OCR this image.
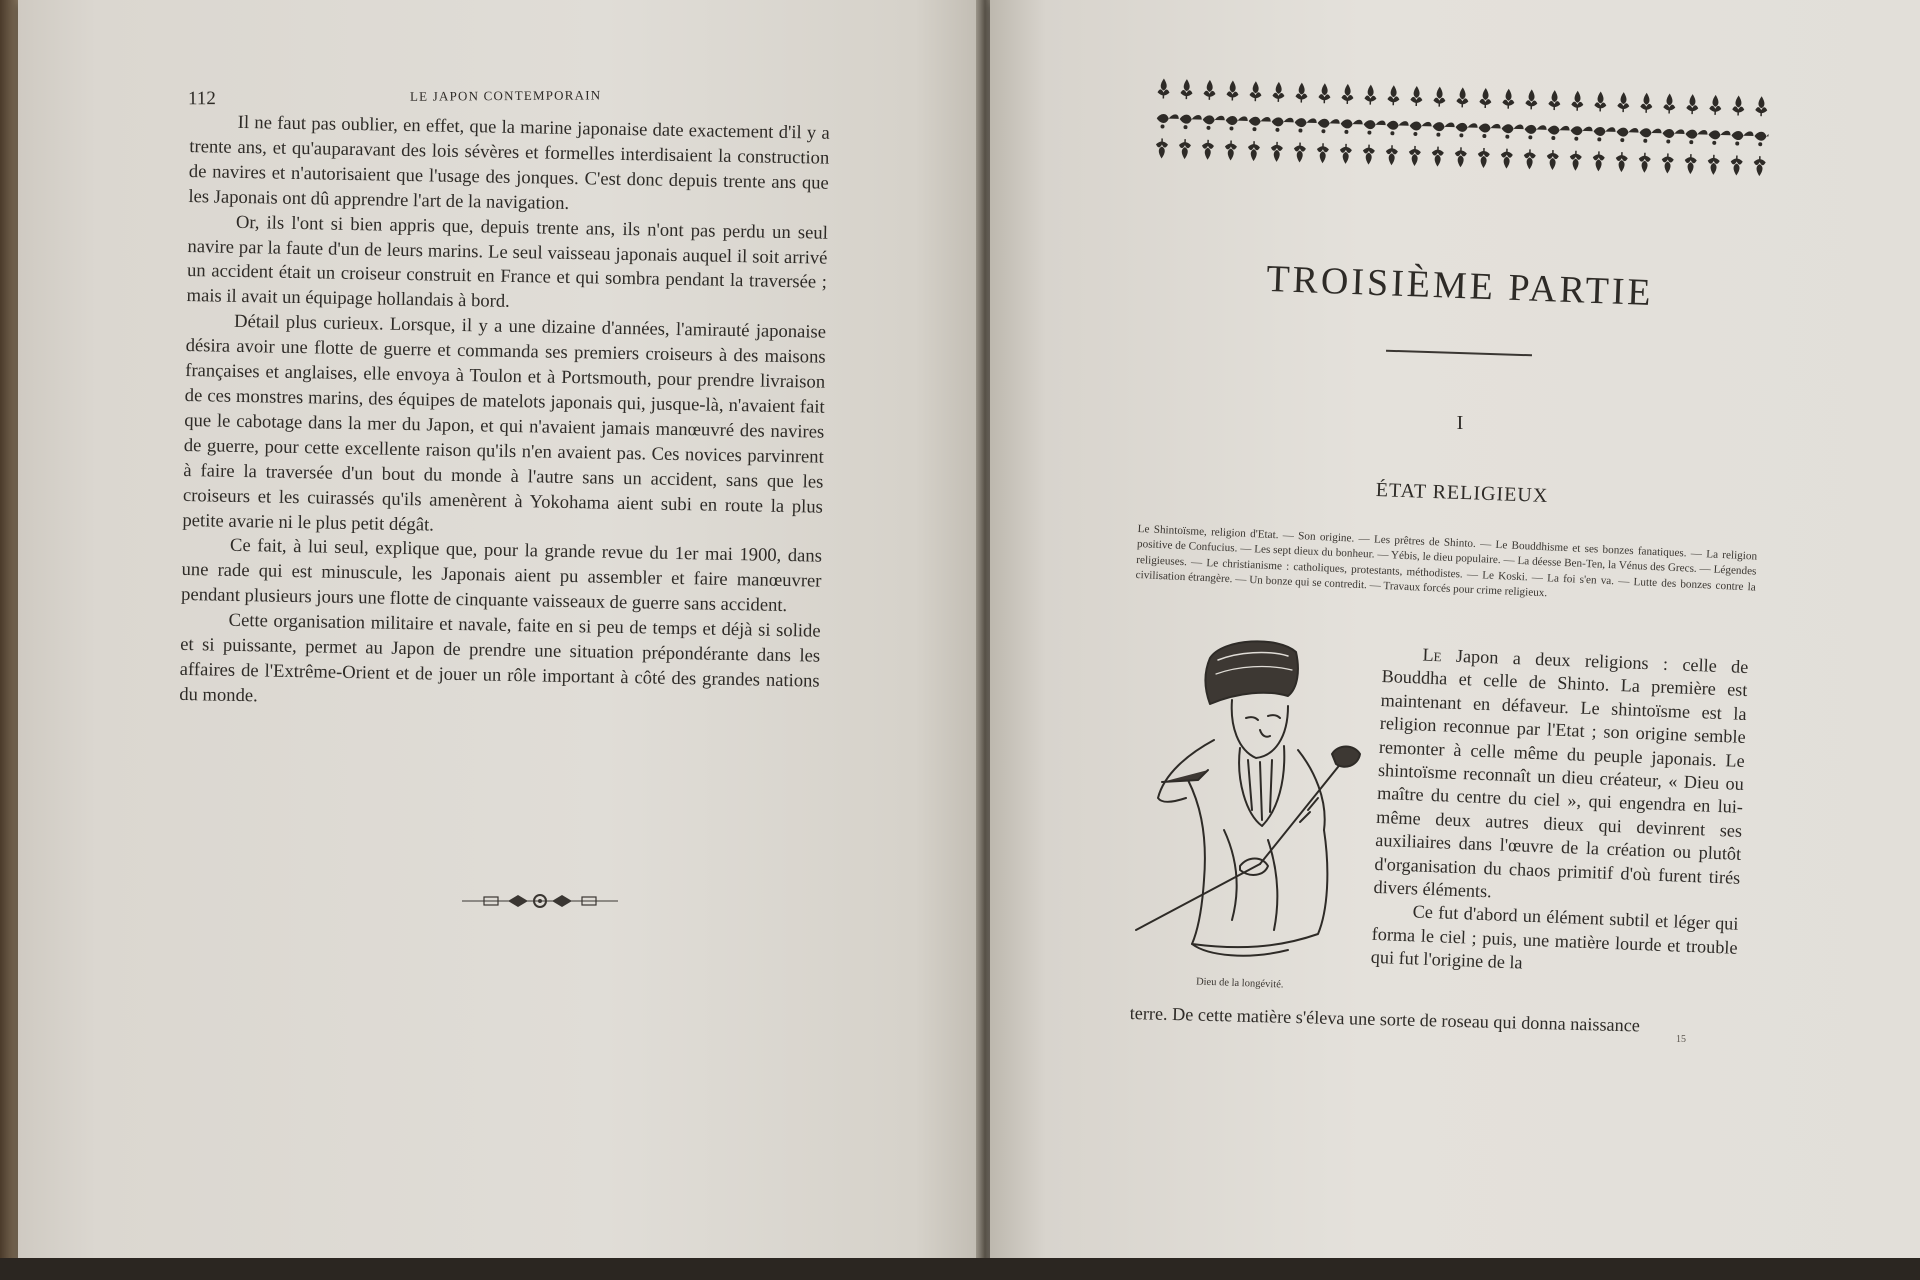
112	LE JAPON CONTEMPORAIN

Il ne faut pas oublier, en effet, que la marine japonaise date exactement d'il y a trente ans, et qu'auparavant des lois sévères et formelles interdisaient la construction de navires et n'autorisaient que l'usage des jonques. C'est donc depuis trente ans que les Japonais ont dû apprendre l'art de la navigation.

Or, ils l'ont si bien appris que, depuis trente ans, ils n'ont pas perdu un seul navire par la faute d'un de leurs marins. Le seul vaisseau japonais auquel il soit arrivé un accident était un croiseur construit en France et qui sombra pendant la traversée ; mais il avait un équipage hollandais à bord.

Détail plus curieux. Lorsque, il y a une dizaine d'années, l'amirauté japonaise désira avoir une flotte de guerre et commanda ses premiers croiseurs à des maisons françaises et anglaises, elle envoya à Toulon et à Portsmouth, pour prendre livraison de ces monstres marins, des équipes de matelots japonais qui, jusque-là, n'avaient fait que le cabotage dans la mer du Japon, et qui n'avaient jamais manœuvré des navires de guerre, pour cette excellente raison qu'ils n'en avaient pas. Ces novices parvinrent à faire la traversée d'un bout du monde à l'autre sans un accident, sans que les croiseurs et les cuirassés qu'ils amenèrent à Yokohama aient subi en route la plus petite avarie ni le plus petit dégât.

Ce fait, à lui seul, explique que, pour la grande revue du 1er mai 1900, dans une rade qui est minuscule, les Japonais aient pu assembler et faire manœuvrer pendant plusieurs jours une flotte de cinquante vaisseaux de guerre sans accident.

Cette organisation militaire et navale, faite en si peu de temps et déjà si solide et si puissante, permet au Japon de prendre une situation prépondérante dans les affaires de l'Extrême-Orient et de jouer un rôle important à côté des grandes nations du monde.

TROISIÈME PARTIE
I
ÉTAT RELIGIEUX

Le Shintoïsme, religion d'Etat. — Son origine. — Les prêtres de Shinto. — Le Bouddhisme et ses bonzes fanatiques. — La religion positive de Confucius. — Les sept dieux du bonheur. — Yébis, le dieu populaire. — La déesse Ben-Ten, la Vénus des Grecs. — Légendes religieuses. — Le christianisme : catholiques, protestants, méthodistes. — Le Koski. — La foi s'en va. — Lutte des bonzes contre la civilisation étrangère. — Un bonze qui se contredit. — Travaux forcés pour crime religieux.

Dieu de la longévité.

Le Japon a deux religions : celle de Bouddha et celle de Shinto. La première est maintenant en défaveur. Le shintoïsme est la religion reconnue par l'Etat ; son origine semble remonter à celle même du peuple japonais. Le shintoïsme reconnaît un dieu créateur, « Dieu ou maître du centre du ciel », qui engendra en lui-même deux autres dieux qui devinrent ses auxiliaires dans l'œuvre de la création ou plutôt d'organisation du chaos primitif d'où furent tirés divers éléments.

Ce fut d'abord un élément subtil et léger qui forma le ciel ; puis, une matière lourde et trouble qui fut l'origine de la

terre. De cette matière s'éleva une sorte de roseau qui donna naissance
15
